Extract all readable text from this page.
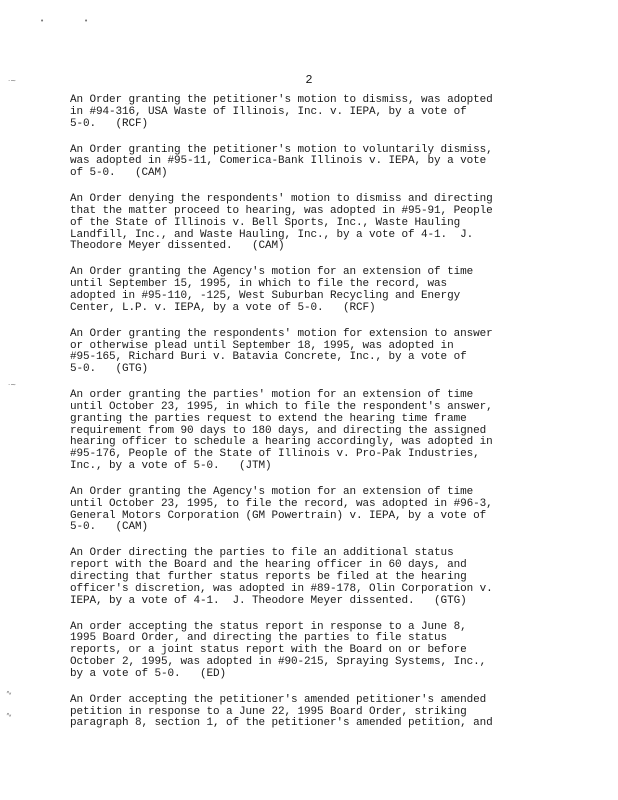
•	•
·~
·~
∿
∿
2

An Order granting the petitioner's motion to dismiss, was adopted
in #94-316, USA Waste of Illinois, Inc. v. IEPA, by a vote of
5-0.   (RCF)

An Order granting the petitioner's motion to voluntarily dismiss,
was adopted in #95-11, Comerica-Bank Illinois v. IEPA, by a vote
of 5-0.   (CAM)

An Order denying the respondents' motion to dismiss and directing
that the matter proceed to hearing, was adopted in #95-91, People
of the State of Illinois v. Bell Sports, Inc., Waste Hauling
Landfill, Inc., and Waste Hauling, Inc., by a vote of 4-1.  J.
Theodore Meyer dissented.   (CAM)

An Order granting the Agency's motion for an extension of time
until September 15, 1995, in which to file the record, was
adopted in #95-110, -125, West Suburban Recycling and Energy
Center, L.P. v. IEPA, by a vote of 5-0.   (RCF)

An Order granting the respondents' motion for extension to answer
or otherwise plead until September 18, 1995, was adopted in
#95-165, Richard Buri v. Batavia Concrete, Inc., by a vote of
5-0.   (GTG)

An order granting the parties' motion for an extension of time
until October 23, 1995, in which to file the respondent's answer,
granting the parties request to extend the hearing time frame
requirement from 90 days to 180 days, and directing the assigned
hearing officer to schedule a hearing accordingly, was adopted in
#95-176, People of the State of Illinois v. Pro-Pak Industries,
Inc., by a vote of 5-0.   (JTM)

An Order granting the Agency's motion for an extension of time
until October 23, 1995, to file the record, was adopted in #96-3,
General Motors Corporation (GM Powertrain) v. IEPA, by a vote of
5-0.   (CAM)

An Order directing the parties to file an additional status
report with the Board and the hearing officer in 60 days, and
directing that further status reports be filed at the hearing
officer's discretion, was adopted in #89-178, Olin Corporation v.
IEPA, by a vote of 4-1.  J. Theodore Meyer dissented.   (GTG)

An order accepting the status report in response to a June 8,
1995 Board Order, and directing the parties to file status
reports, or a joint status report with the Board on or before
October 2, 1995, was adopted in #90-215, Spraying Systems, Inc.,
by a vote of 5-0.   (ED)

An Order accepting the petitioner's amended petitioner's amended
petition in response to a June 22, 1995 Board Order, striking
paragraph 8, section 1, of the petitioner's amended petition, and
